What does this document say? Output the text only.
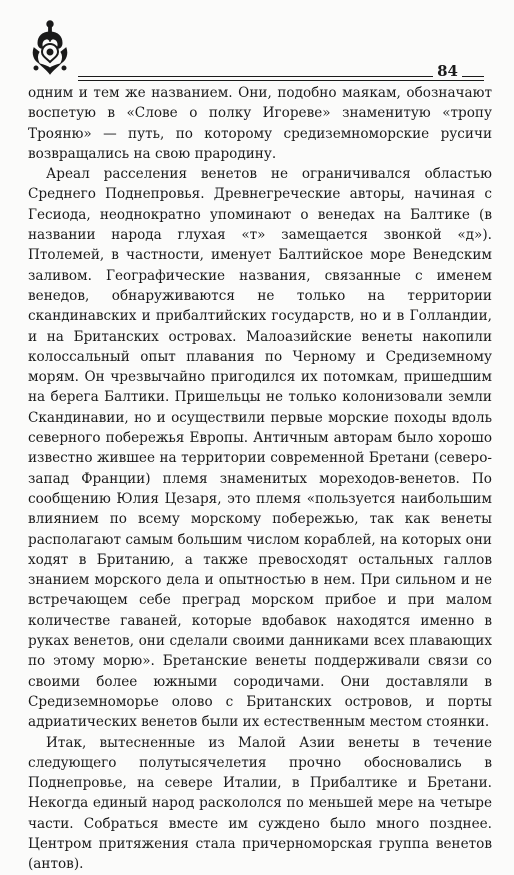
84

одним и тем же названием. Они, подобно маякам, обозначают воспетую в «Слове о полку Игореве» знаменитую «тропу Трояню» — путь, по которому средиземноморские русичи возвращались на свою прародину.

Ареал расселения венетов не ограничивался областью Среднего Поднепровья. Древнегреческие авторы, начиная с Гесиода, неоднократно упоминают о венедах на Балтике (в названии народа глухая «т» замещается звонкой «д»). Птолемей, в частности, именует Балтийское море Венедским заливом. Географические названия, связанные с именем венедов, обнаруживаются не только на территории скандинавских и прибалтийских государств, но и в Голландии, и на Британских островах. Малоазийские венеты накопили колоссальный опыт плавания по Черному и Средиземному морям. Он чрезвычайно пригодился их потомкам, пришедшим на берега Балтики. Пришельцы не только колонизовали земли Скандинавии, но и осуществили первые морские походы вдоль северного побережья Европы. Античным авторам было хорошо известно жившее на территории современной Бретани (северо-запад Франции) племя знаменитых мореходов-венетов. По сообщению Юлия Цезаря, это племя «пользуется наибольшим влиянием по всему морскому побережью, так как венеты располагают самым большим числом кораблей, на которых они ходят в Британию, а также превосходят остальных галлов знанием морского дела и опытностью в нем. При сильном и не встречающем себе преград морском прибое и при малом количестве гаваней, которые вдобавок находятся именно в руках венетов, они сделали своими данниками всех плавающих по этому морю». Бретанские венеты поддерживали связи со своими более южными сородичами. Они доставляли в Средиземноморье олово с Британских островов, и порты адриатических венетов были их естественным местом стоянки.

Итак, вытесненные из Малой Азии венеты в течение следующего полутысячелетия прочно обосновались в Поднепровье, на севере Италии, в Прибалтике и Бретани. Некогда единый народ раскололся по меньшей мере на четыре части. Собраться вместе им суждено было много позднее. Центром притяжения стала причерноморская группа венетов (антов).
